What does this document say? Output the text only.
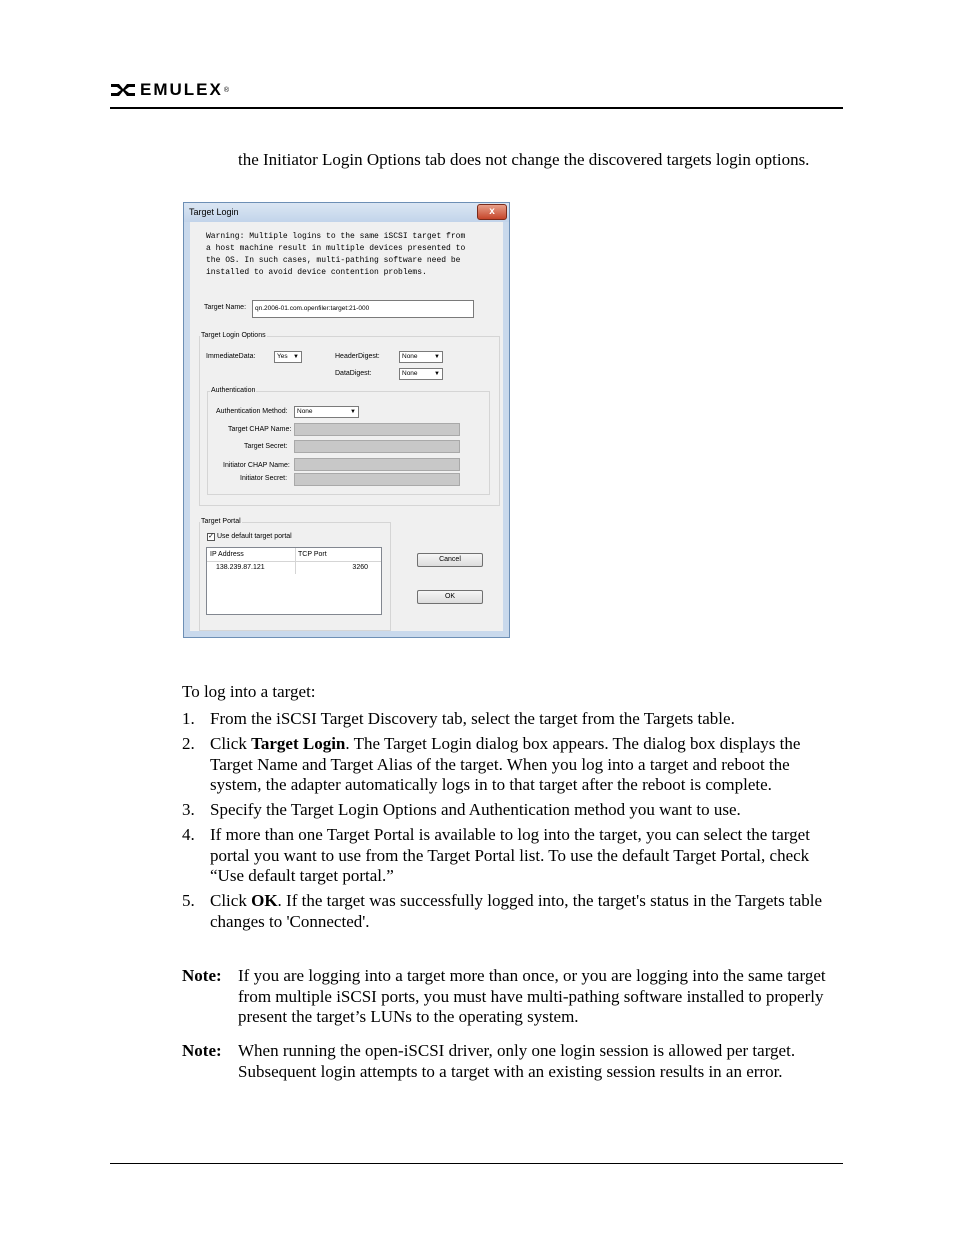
EMULEX ®
the Initiator Login Options tab does not change the discovered targets login options.
Target Login	x
Warning: Multiple logins to the same iSCSI target from
a host machine result in multiple devices presented to
the OS. In such cases, multi-pathing software need be
installed to avoid device contention problems.
Target Name:	qn.2006-01.com.openfiler:target:21-000
Target Login Options
ImmediateData:	Yes ▼	HeaderDigest:	None	▼
DataDigest:	None	▼
Authentication
Authentication Method:	None	▼
Target CHAP Name:
Target Secret:
Initiator CHAP Name:
Initiator Secret:
Target Portal
✓ Use default target portal
IP Address	TCP Port
138.239.87.121	3260
Cancel
OK
To log into a target:
1. From the iSCSI Target Discovery tab, select the target from the Targets table.
2. Click Target Login. The Target Login dialog box appears. The dialog box displays the Target Name and Target Alias of the target. When you log into a target and reboot the system, the adapter automatically logs in to that target after the reboot is complete.
3. Specify the Target Login Options and Authentication method you want to use.
4. If more than one Target Portal is available to log into the target, you can select the target portal you want to use from the Target Portal list. To use the default Target Portal, check “Use default target portal.”
5. Click OK. If the target was successfully logged into, the target's status in the Targets table changes to 'Connected'.
Note: If you are logging into a target more than once, or you are logging into the same target from multiple iSCSI ports, you must have multi-pathing software installed to properly present the target’s LUNs to the operating system.
Note: When running the open-iSCSI driver, only one login session is allowed per target. Subsequent login attempts to a target with an existing session results in an error.
